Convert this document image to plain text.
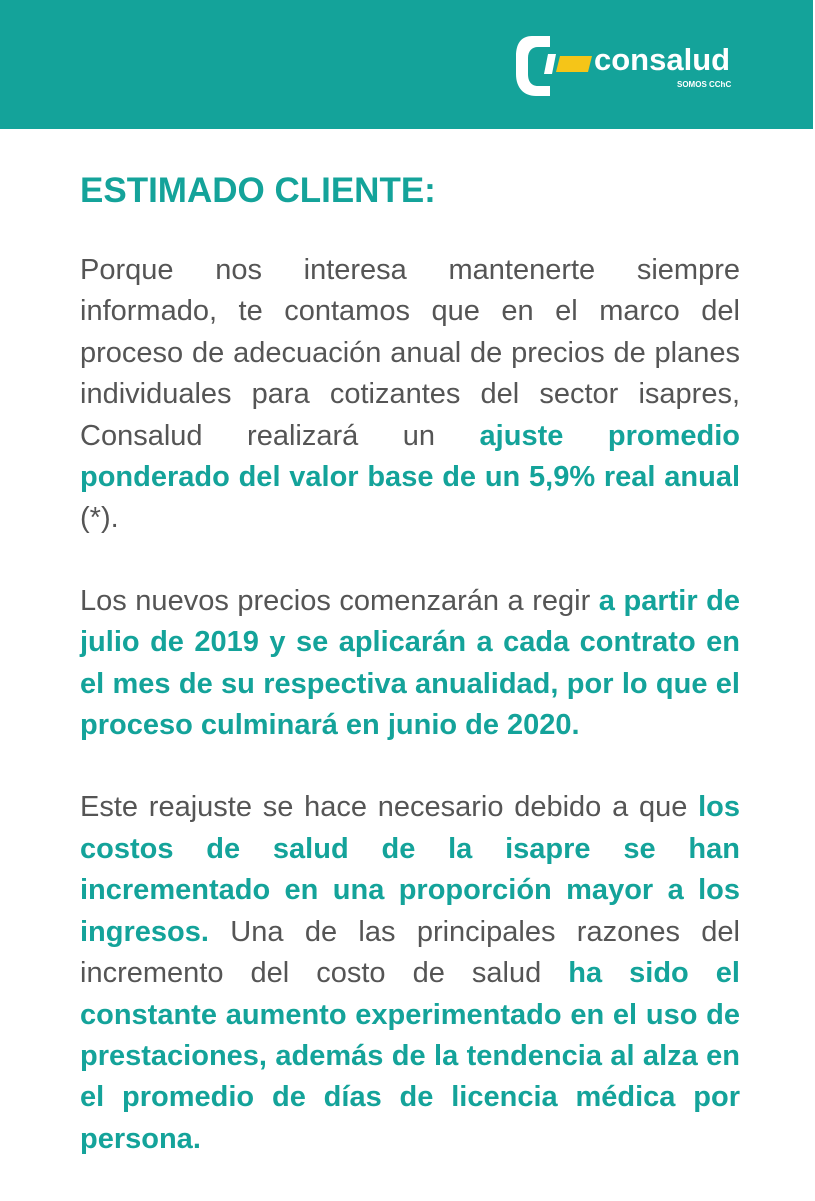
consalud
SOMOS CChC
ESTIMADO CLIENTE:

Porque nos interesa mantenerte siempre informado, te contamos que en el marco del proceso de adecuación anual de precios de planes individuales para cotizantes del sector isapres, Consalud realizará un ajuste promedio ponderado del valor base de un 5,9% real anual (*).

Los nuevos precios comenzarán a regir a partir de julio de 2019 y se aplicarán a cada contrato en el mes de su respectiva anualidad, por lo que el proceso culminará en junio de 2020.

Este reajuste se hace necesario debido a que los costos de salud de la isapre se han incrementado en una proporción mayor a los ingresos. Una de las principales razones del incremento del costo de salud ha sido el constante aumento experimentado en el uso de prestaciones, además de la tendencia al alza en el promedio de días de licencia médica por persona.
